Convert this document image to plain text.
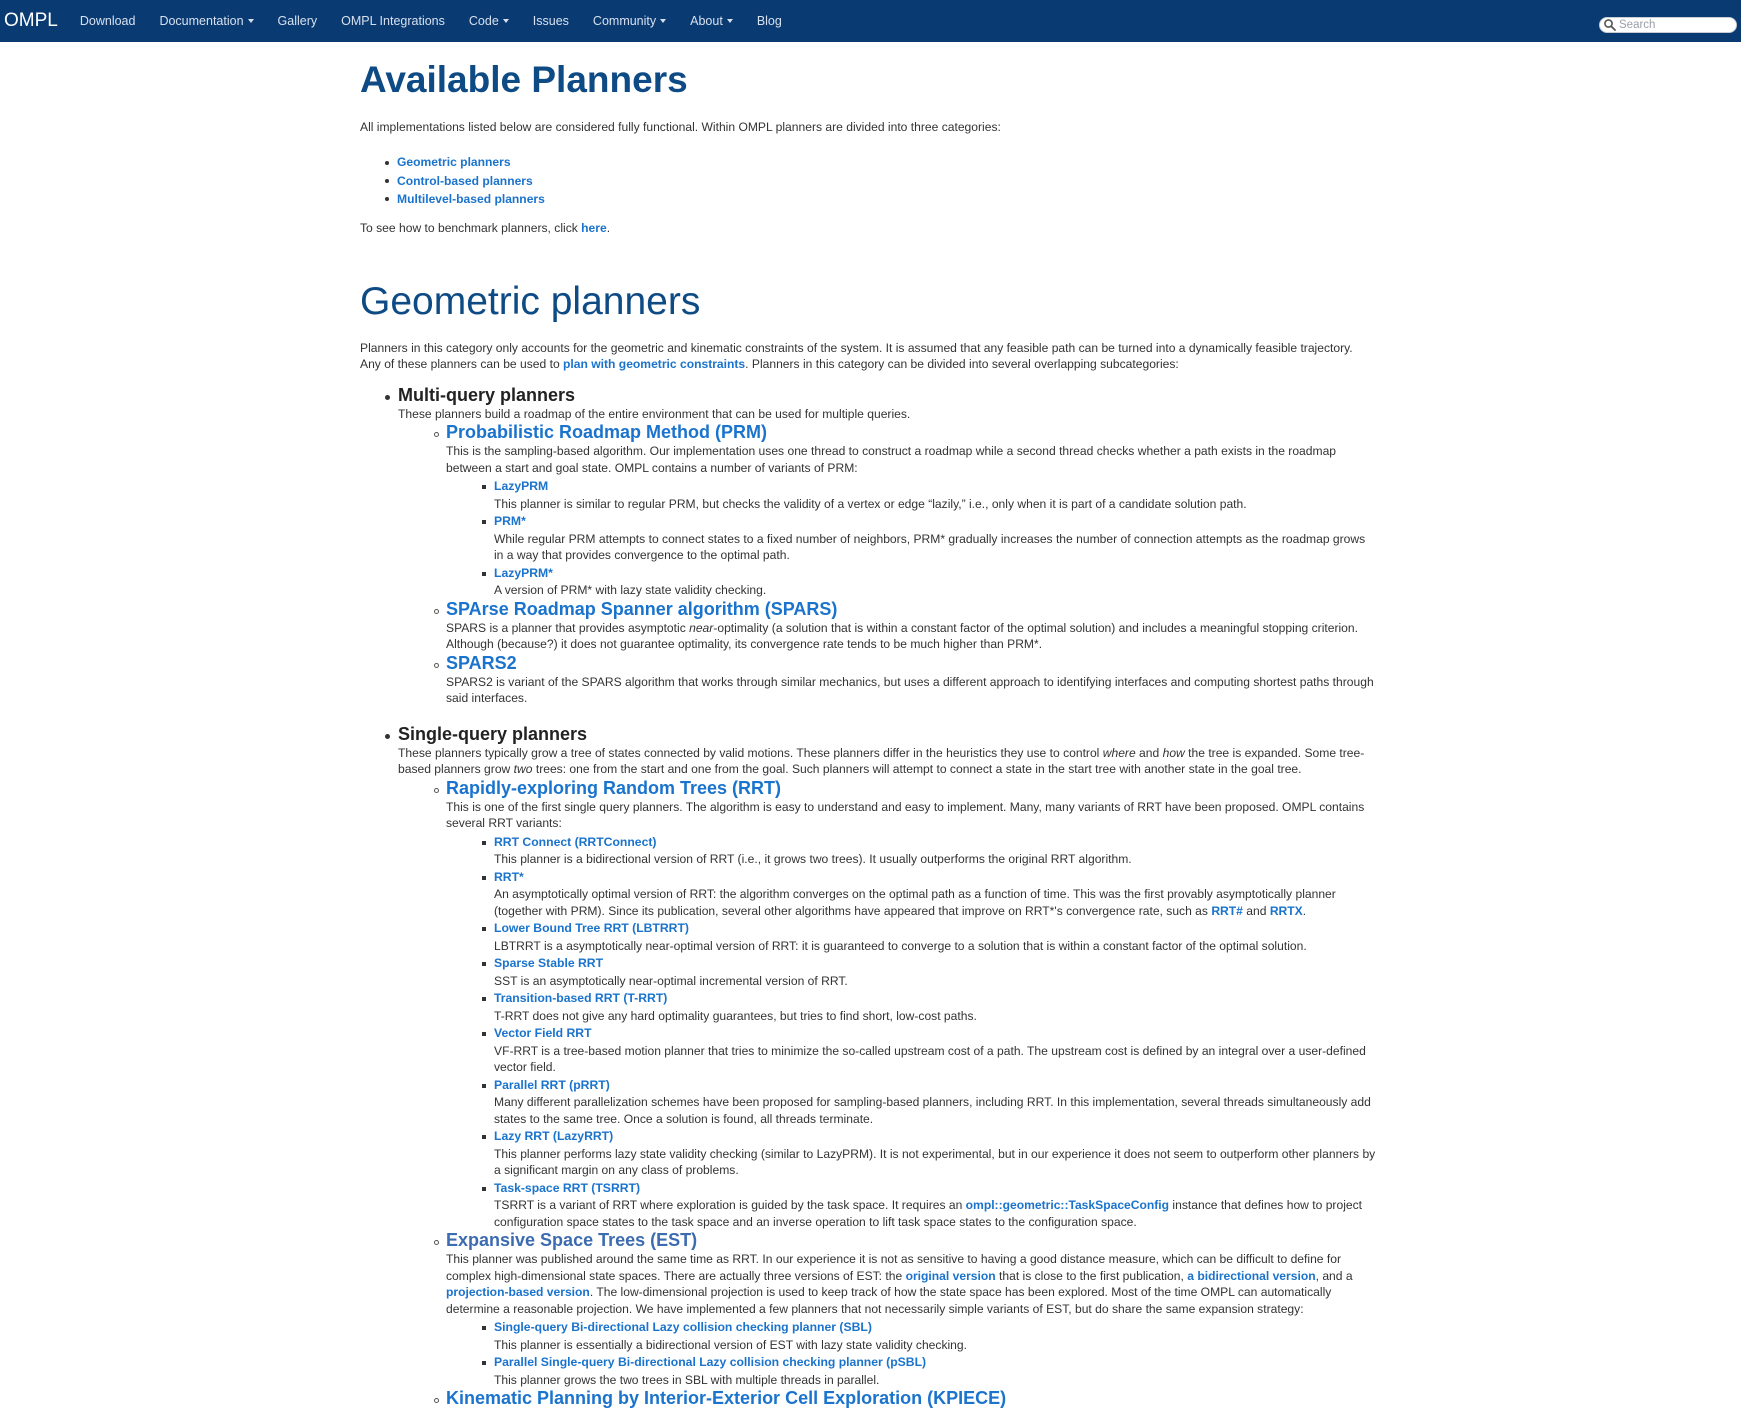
OMPL Download Documentation	Gallery OMPL Integrations Code	Issues Community	About	Blog
Search
Available Planners

All implementations listed below are considered fully functional. Within OMPL planners are divided into three categories:

Geometric planners
Control-based planners
Multilevel-based planners

To see how to benchmark planners, click here.

Geometric planners

Planners in this category only accounts for the geometric and kinematic constraints of the system. It is assumed that any feasible path can be turned into a dynamically feasible trajectory. Any of these planners can be used to plan with geometric constraints. Planners in this category can be divided into several overlapping subcategories:

Multi-query planners

These planners build a roadmap of the entire environment that can be used for multiple queries.

Probabilistic Roadmap Method (PRM)

This is the sampling-based algorithm. Our implementation uses one thread to construct a roadmap while a second thread checks whether a path exists in the roadmap between a start and goal state. OMPL contains a number of variants of PRM:

LazyPRM

This planner is similar to regular PRM, but checks the validity of a vertex or edge “lazily,” i.e., only when it is part of a candidate solution path.

PRM*

While regular PRM attempts to connect states to a fixed number of neighbors, PRM* gradually increases the number of connection attempts as the roadmap grows in a way that provides convergence to the optimal path.

LazyPRM*

A version of PRM* with lazy state validity checking.

SPArse Roadmap Spanner algorithm (SPARS)

SPARS is a planner that provides asymptotic near-optimality (a solution that is within a constant factor of the optimal solution) and includes a meaningful stopping criterion. Although (because?) it does not guarantee optimality, its convergence rate tends to be much higher than PRM*.

SPARS2

SPARS2 is variant of the SPARS algorithm that works through similar mechanics, but uses a different approach to identifying interfaces and computing shortest paths through said interfaces.

Single-query planners

These planners typically grow a tree of states connected by valid motions. These planners differ in the heuristics they use to control where and how the tree is expanded. Some tree-based planners grow two trees: one from the start and one from the goal. Such planners will attempt to connect a state in the start tree with another state in the goal tree.

Rapidly-exploring Random Trees (RRT)

This is one of the first single query planners. The algorithm is easy to understand and easy to implement. Many, many variants of RRT have been proposed. OMPL contains several RRT variants:

RRT Connect (RRTConnect)

This planner is a bidirectional version of RRT (i.e., it grows two trees). It usually outperforms the original RRT algorithm.

RRT*

An asymptotically optimal version of RRT: the algorithm converges on the optimal path as a function of time. This was the first provably asymptotically planner (together with PRM). Since its publication, several other algorithms have appeared that improve on RRT*'s convergence rate, such as RRT# and RRTX.

Lower Bound Tree RRT (LBTRRT)

LBTRRT is a asymptotically near-optimal version of RRT: it is guaranteed to converge to a solution that is within a constant factor of the optimal solution.

Sparse Stable RRT

SST is an asymptotically near-optimal incremental version of RRT.

Transition-based RRT (T-RRT)

T-RRT does not give any hard optimality guarantees, but tries to find short, low-cost paths.

Vector Field RRT

VF-RRT is a tree-based motion planner that tries to minimize the so-called upstream cost of a path. The upstream cost is defined by an integral over a user-defined vector field.

Parallel RRT (pRRT)

Many different parallelization schemes have been proposed for sampling-based planners, including RRT. In this implementation, several threads simultaneously add states to the same tree. Once a solution is found, all threads terminate.

Lazy RRT (LazyRRT)

This planner performs lazy state validity checking (similar to LazyPRM). It is not experimental, but in our experience it does not seem to outperform other planners by a significant margin on any class of problems.

Task-space RRT (TSRRT)

TSRRT is a variant of RRT where exploration is guided by the task space. It requires an ompl::geometric::TaskSpaceConfig instance that defines how to project configuration space states to the task space and an inverse operation to lift task space states to the configuration space.

Expansive Space Trees (EST)

This planner was published around the same time as RRT. In our experience it is not as sensitive to having a good distance measure, which can be difficult to define for complex high-dimensional state spaces. There are actually three versions of EST: the original version that is close to the first publication, a bidirectional version, and a projection-based version. The low-dimensional projection is used to keep track of how the state space has been explored. Most of the time OMPL can automatically determine a reasonable projection. We have implemented a few planners that not necessarily simple variants of EST, but do share the same expansion strategy:

Single-query Bi-directional Lazy collision checking planner (SBL)

This planner is essentially a bidirectional version of EST with lazy state validity checking.

Parallel Single-query Bi-directional Lazy collision checking planner (pSBL)

This planner grows the two trees in SBL with multiple threads in parallel.

Kinematic Planning by Interior-Exterior Cell Exploration (KPIECE)
